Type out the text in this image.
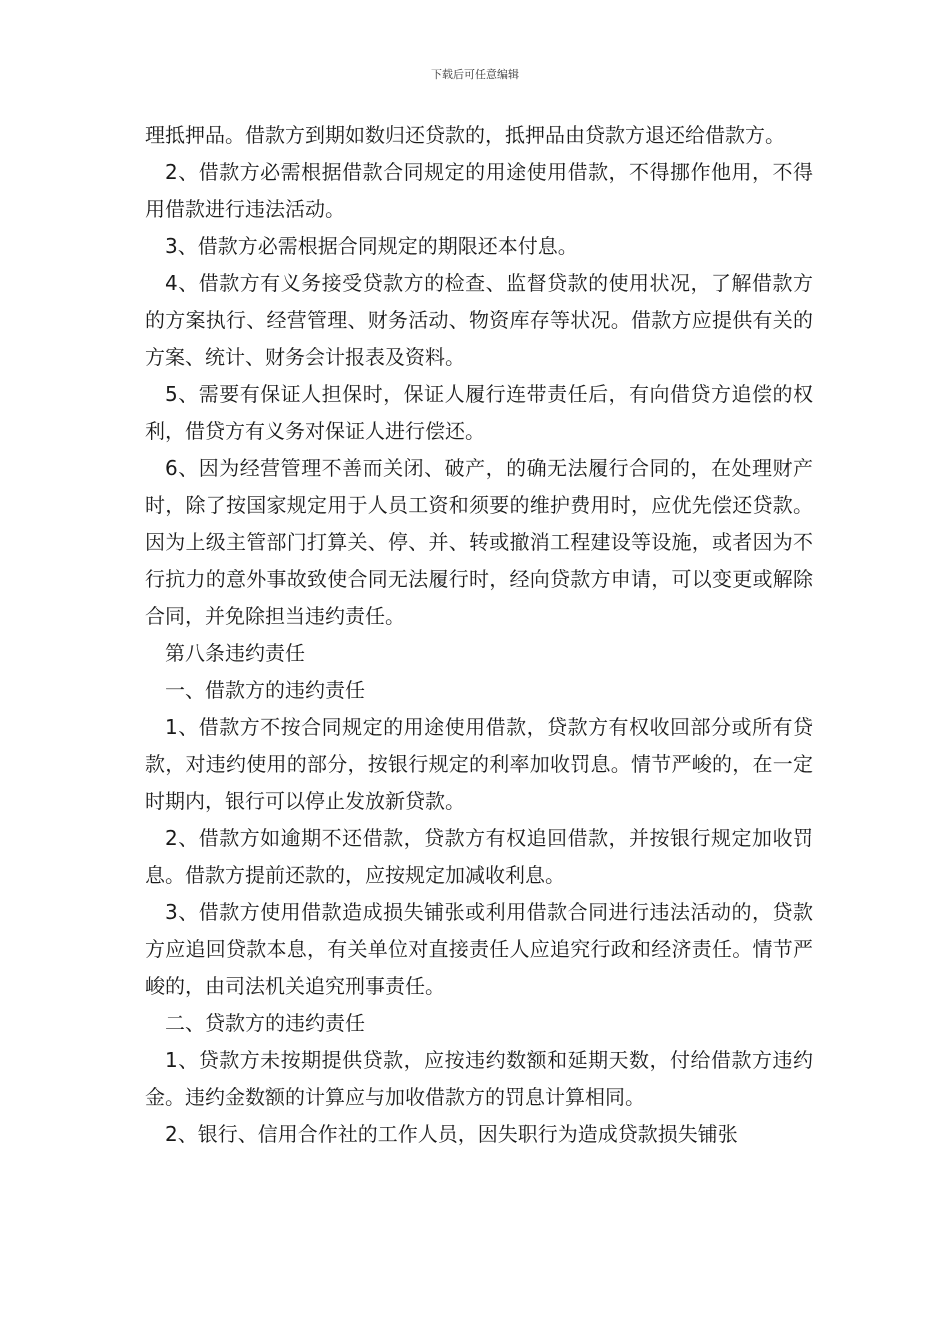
下载后可任意编辑

理抵押品。借款方到期如数归还贷款的，抵押品由贷款方退还给借款方。

2、借款方必需根据借款合同规定的用途使用借款，不得挪作他用，不得用借款进行违法活动。

3、借款方必需根据合同规定的期限还本付息。

4、借款方有义务接受贷款方的检查、监督贷款的使用状况，了解借款方的方案执行、经营管理、财务活动、物资库存等状况。借款方应提供有关的方案、统计、财务会计报表及资料。

5、需要有保证人担保时，保证人履行连带责任后，有向借贷方追偿的权利，借贷方有义务对保证人进行偿还。

6、因为经营管理不善而关闭、破产，的确无法履行合同的，在处理财产时，除了按国家规定用于人员工资和须要的维护费用时，应优先偿还贷款。因为上级主管部门打算关、停、并、转或撤消工程建设等设施，或者因为不行抗力的意外事故致使合同无法履行时，经向贷款方申请，可以变更或解除合同，并免除担当违约责任。

第八条违约责任

一、借款方的违约责任

1、借款方不按合同规定的用途使用借款，贷款方有权收回部分或所有贷款，对违约使用的部分，按银行规定的利率加收罚息。情节严峻的，在一定时期内，银行可以停止发放新贷款。

2、借款方如逾期不还借款，贷款方有权追回借款，并按银行规定加收罚息。借款方提前还款的，应按规定加减收利息。

3、借款方使用借款造成损失铺张或利用借款合同进行违法活动的，贷款方应追回贷款本息，有关单位对直接责任人应追究行政和经济责任。情节严峻的，由司法机关追究刑事责任。

二、贷款方的违约责任

1、贷款方未按期提供贷款，应按违约数额和延期天数，付给借款方违约金。违约金数额的计算应与加收借款方的罚息计算相同。

2、银行、信用合作社的工作人员，因失职行为造成贷款损失铺张
